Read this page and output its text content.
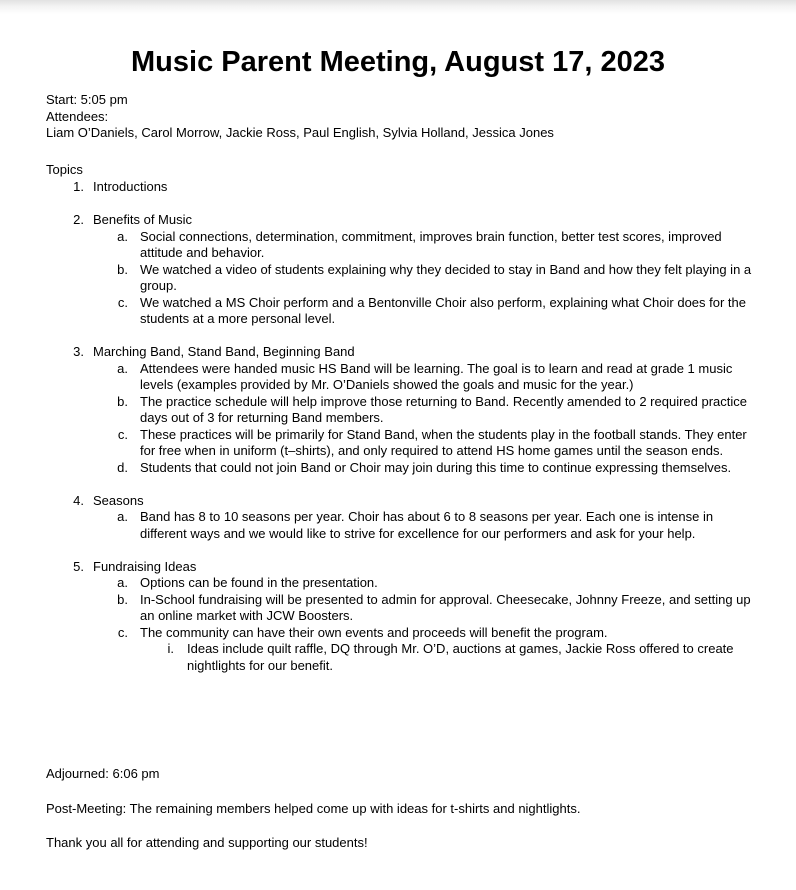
Music Parent Meeting, August 17, 2023
Start: 5:05 pm
Attendees:
Liam O’Daniels, Carol Morrow, Jackie Ross, Paul English, Sylvia Holland, Jessica Jones
Topics
1. Introductions
2. Benefits of Music
a. Social connections, determination, commitment, improves brain function, better test scores, improved attitude and behavior.
b. We watched a video of students explaining why they decided to stay in Band and how they felt playing in a group.
c. We watched a MS Choir perform and a Bentonville Choir also perform, explaining what Choir does for the students at a more personal level.
3. Marching Band, Stand Band, Beginning Band
a. Attendees were handed music HS Band will be learning. The goal is to learn and read at grade 1 music levels (examples provided by Mr. O’Daniels showed the goals and music for the year.)
b. The practice schedule will help improve those returning to Band. Recently amended to 2 required practice days out of 3 for returning Band members.
c. These practices will be primarily for Stand Band, when the students play in the football stands. They enter for free when in uniform (t–shirts), and only required to attend HS home games until the season ends.
d. Students that could not join Band or Choir may join during this time to continue expressing themselves.
4. Seasons
a. Band has 8 to 10 seasons per year. Choir has about 6 to 8 seasons per year. Each one is intense in different ways and we would like to strive for excellence for our performers and ask for your help.
5. Fundraising Ideas
a. Options can be found in the presentation.
b. In-School fundraising will be presented to admin for approval. Cheesecake, Johnny Freeze, and setting up an online market with JCW Boosters.
c. The community can have their own events and proceeds will benefit the program.
i. Ideas include quilt raffle, DQ through Mr. O’D, auctions at games, Jackie Ross offered to create nightlights for our benefit.
Adjourned: 6:06 pm
Post-Meeting: The remaining members helped come up with ideas for t-shirts and nightlights.
Thank you all for attending and supporting our students!
